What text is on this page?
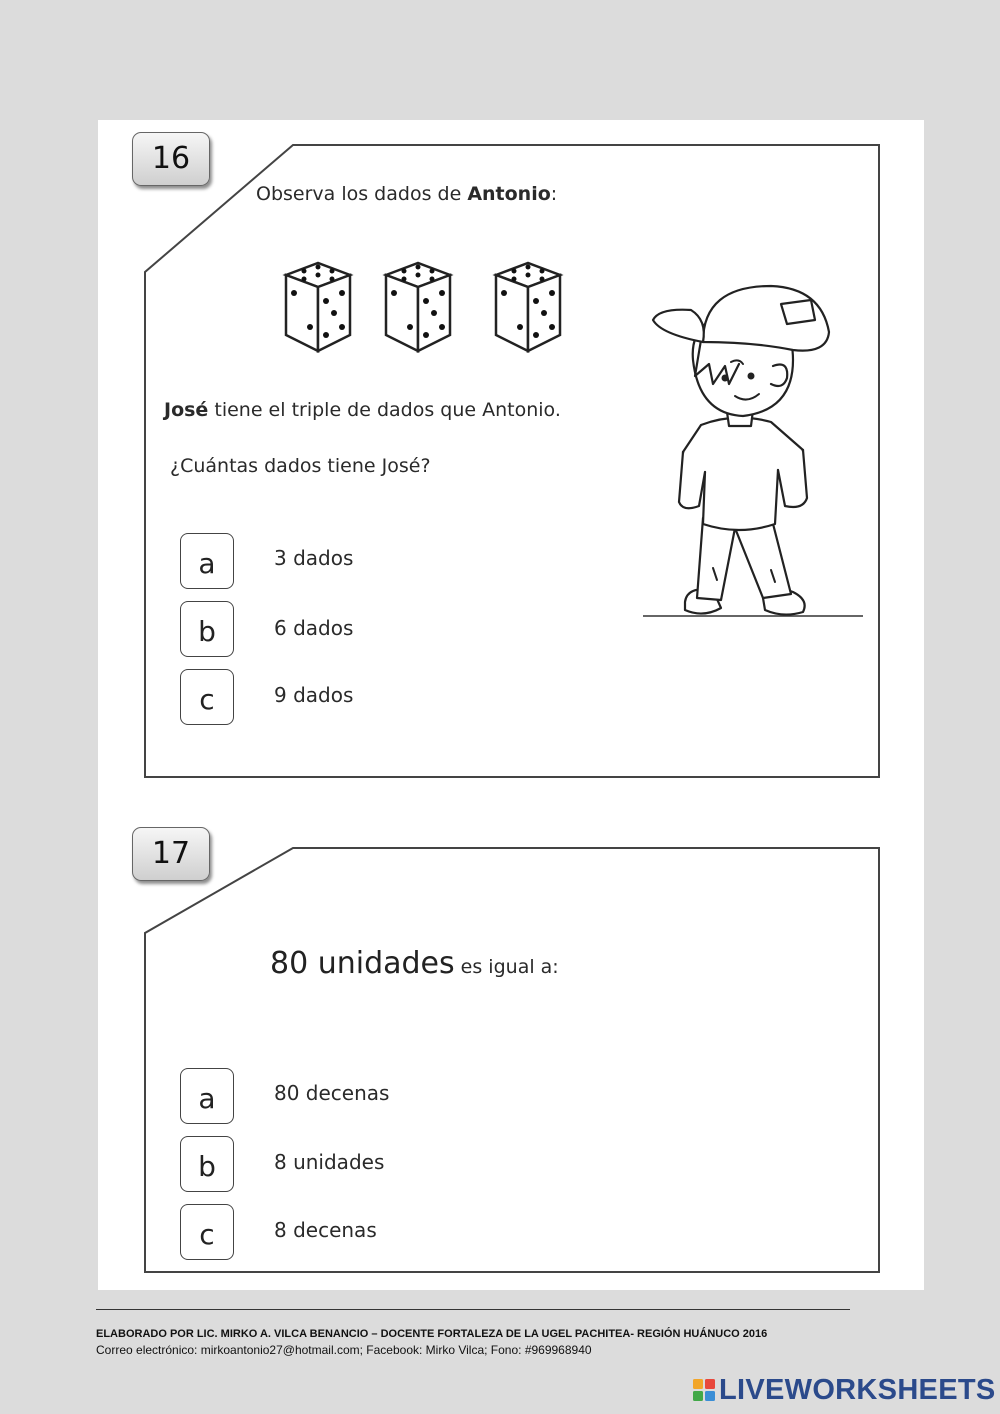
16
Observa los dados de Antonio:
José tiene el triple de dados que Antonio.
¿Cuántas dados tiene José?
a	3 dados
b	6 dados
c	9 dados
17
80 unidades es igual a:
a	80 decenas
b	8 unidades
c	8 decenas
ELABORADO POR LIC. MIRKO A. VILCA BENANCIO – DOCENTE FORTALEZA DE LA UGEL PACHITEA- REGIÓN HUÁNUCO 2016
Correo electrónico: mirkoantonio27@hotmail.com; Facebook: Mirko Vilca; Fono: #969968940
LIVEWORKSHEETS
